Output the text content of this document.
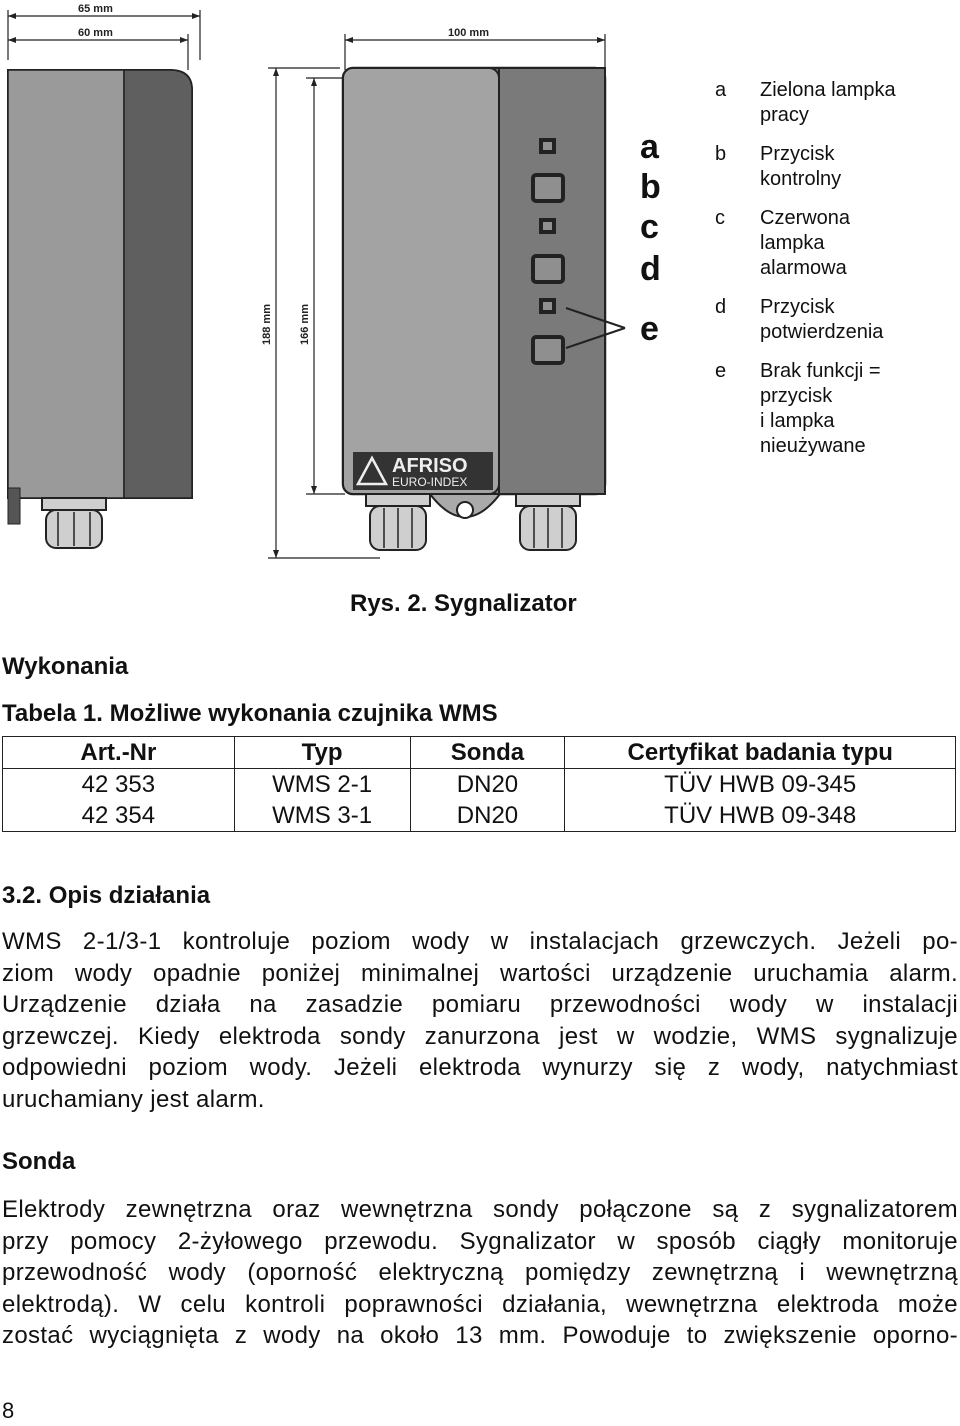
65 mm
60 mm	100 mm
188 mm 166 mm
AFRISO
EURO-INDEX
a
b
c
d
e
a	Zielona lampka
pracy
b	Przycisk
kontrolny
c	Czerwona
lampka
alarmowa
d	Przycisk
potwierdzenia
e	Brak funkcji =
przycisk
i lampka
nieużywane
Rys. 2. Sygnalizator
Wykonania
Tabela 1. Możliwe wykonania czujnika WMS
Art.-Nr	Typ	Sonda	Certyfikat badania typu
42 353	WMS 2-1	DN20	TÜV HWB 09-345
42 354	WMS 3-1	DN20	TÜV HWB 09-348
3.2. Opis działania
WMS 2-1/3-1 kontroluje poziom wody w instalacjach grzewczych. Jeżeli po-
ziom wody opadnie poniżej minimalnej wartości urządzenie uruchamia alarm.
Urządzenie działa na zasadzie pomiaru przewodności wody w instalacji
grzewczej. Kiedy elektroda sondy zanurzona jest w wodzie, WMS sygnalizuje
odpowiedni poziom wody. Jeżeli elektroda wynurzy się z wody, natychmiast
uruchamiany jest alarm.
Sonda
Elektrody zewnętrzna oraz wewnętrzna sondy połączone są z sygnalizatorem
przy pomocy 2-żyłowego przewodu. Sygnalizator w sposób ciągły monitoruje
przewodność wody (oporność elektryczną pomiędzy zewnętrzną i wewnętrzną
elektrodą). W celu kontroli poprawności działania, wewnętrzna elektroda może
zostać wyciągnięta z wody na około 13 mm. Powoduje to zwiększenie oporno-
8
